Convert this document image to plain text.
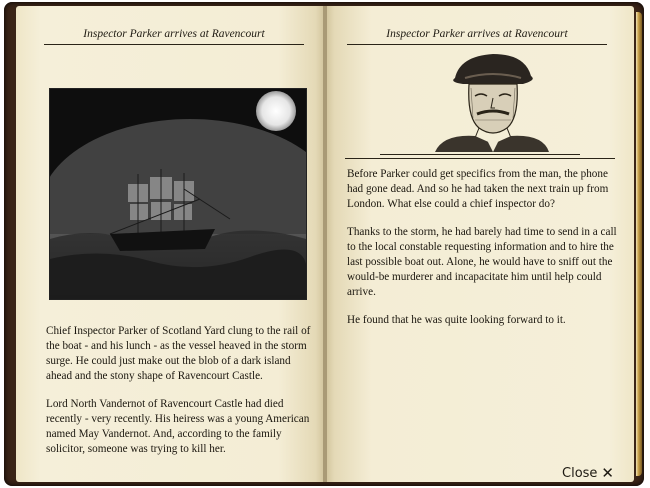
Inspector Parker arrives at Ravencourt

Chief Inspector Parker of Scotland Yard clung to the rail of the boat - and his lunch - as the vessel heaved in the storm surge. He could just make out the blob of a dark island ahead and the stony shape of Ravencourt Castle.

Lord North Vandernot of Ravencourt Castle had died recently - very recently. His heiress was a young American named May Vandernot. And, according to the family solicitor, someone was trying to kill her.

Inspector Parker arrives at Ravencourt

Before Parker could get specifics from the man, the phone had gone dead. And so he had taken the next train up from London. What else could a chief inspector do?

Thanks to the storm, he had barely had time to send in a call to the local constable requesting information and to hire the last possible boat out. Alone, he would have to sniff out the would-be murderer and incapacitate him until help could arrive.

He found that he was quite looking forward to it.

Close ✕
